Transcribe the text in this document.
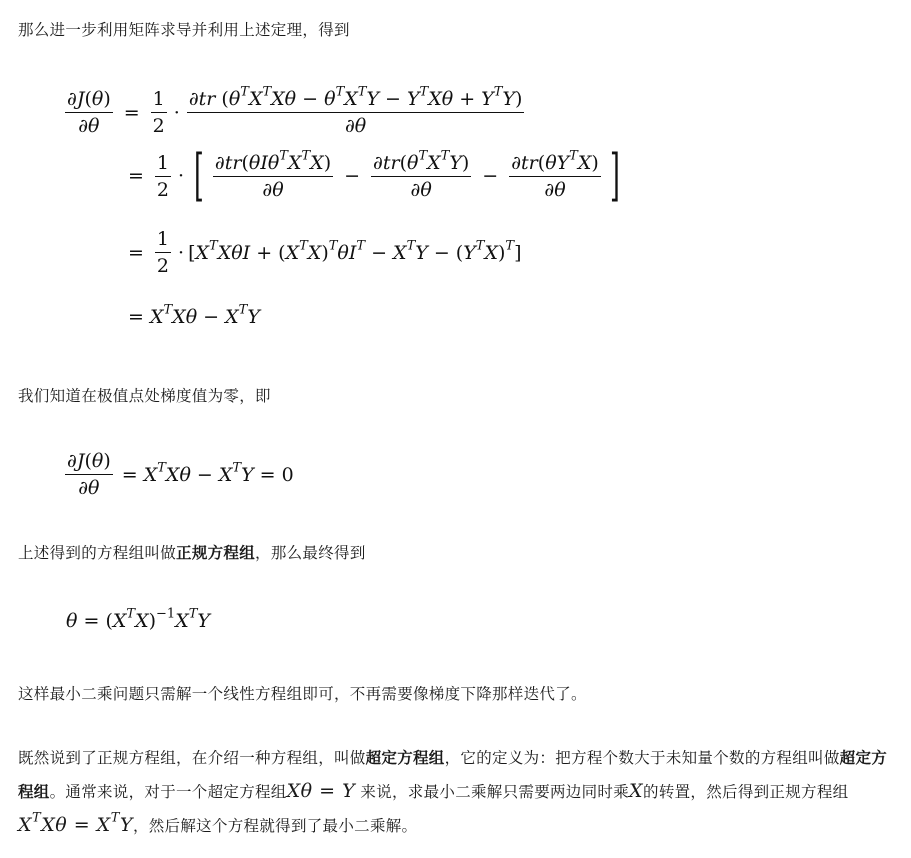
那么进一步利用矩阵求导并利用上述定理，得到
$\frac{\partial J(\theta)}{\partial\theta} = \frac{1}{2} \cdot \frac{\partial tr (\theta^TX^TX\theta - \theta^TX^TY - Y^TX\theta + Y^TY)}{\partial\theta}$
= $\frac{1}{2}$ · [ $\frac{\partial tr(\theta I\theta^TX^TX)}{\partial\theta} - \frac{\partial tr(\theta^TX^TY)}{\partial\theta} - \frac{\partial tr(\theta Y^TX)}{\partial\theta}$ ]
= $\frac{1}{2} \cdot [X^TX\theta I + (X^TX)^T\theta I^T - X^TY - (Y^TX)^T]$
= $X^TX\theta - X^TY$
我们知道在极值点处梯度值为零，即
$\frac{\partial J(\theta)}{\partial\theta} = X^TX\theta - X^TY = 0$
上述得到的方程组叫做正规方程组，那么最终得到
$\theta = (X^TX)^{-1}X^TY$
这样最小二乘问题只需解一个线性方程组即可，不再需要像梯度下降那样迭代了。
既然说到了正规方程组，在介绍一种方程组，叫做超定方程组，它的定义为：把方程个数大于未知量个数的方程组叫做超定方程组。通常来说，对于一个超定方程组Xθ = Y 来说，求最小二乘解只需要两边同时乘X的转置，然后得到正规方程组$X^TX\theta = X^TY$，然后解这个方程就得到了最小二乘解。
